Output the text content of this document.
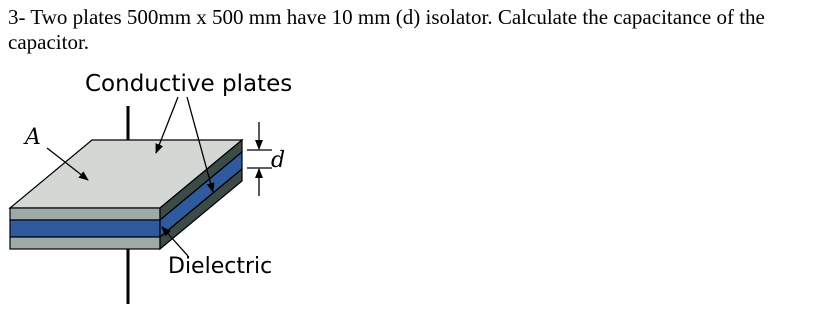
3- Two plates 500mm x 500 mm have 10 mm (d) isolator. Calculate the capacitance of the capacitor.
Conductive plates
A
d
Dielectric
